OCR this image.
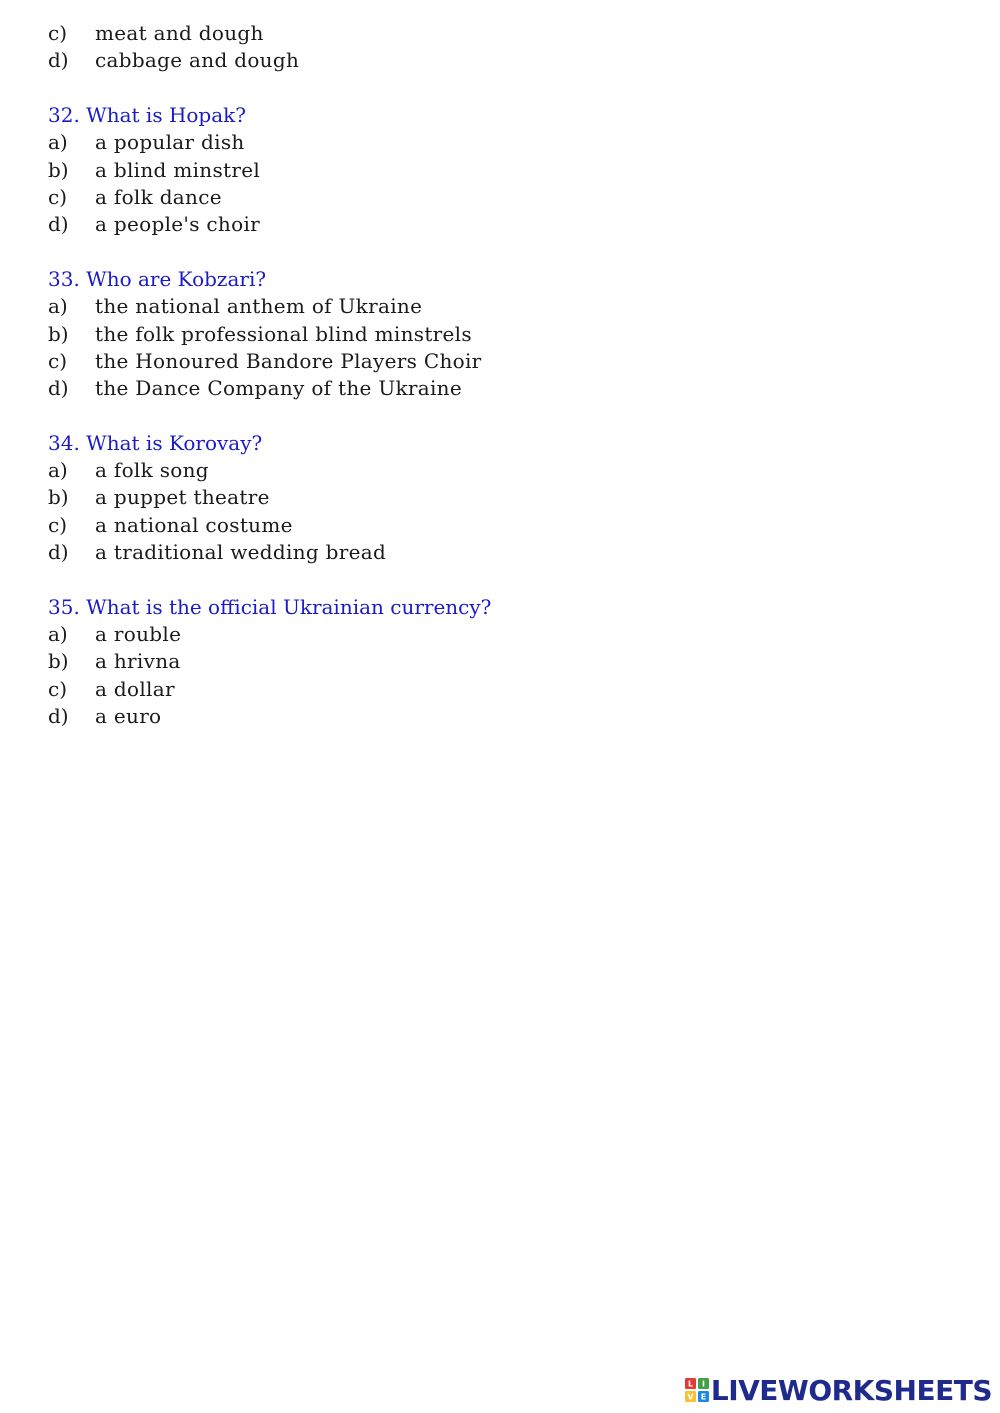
c)	meat and dough
d)	cabbage and dough
32. What is Hopak?
a)	a popular dish
b)	a blind minstrel
c)	a folk dance
d)	a people's choir
33. Who are Kobzari?
a)	the national anthem of Ukraine
b)	the folk professional blind minstrels
c)	the Honoured Bandore Players Choir
d)	the Dance Company of the Ukraine
34. What is Korovay?
a)	a folk song
b)	a puppet theatre
c)	a national costume
d)	a traditional wedding bread
35. What is the official Ukrainian currency?
a)	a rouble
b)	a hrivna
c)	a dollar
d)	a euro
L I
V E LIVEWORKSHEETS
